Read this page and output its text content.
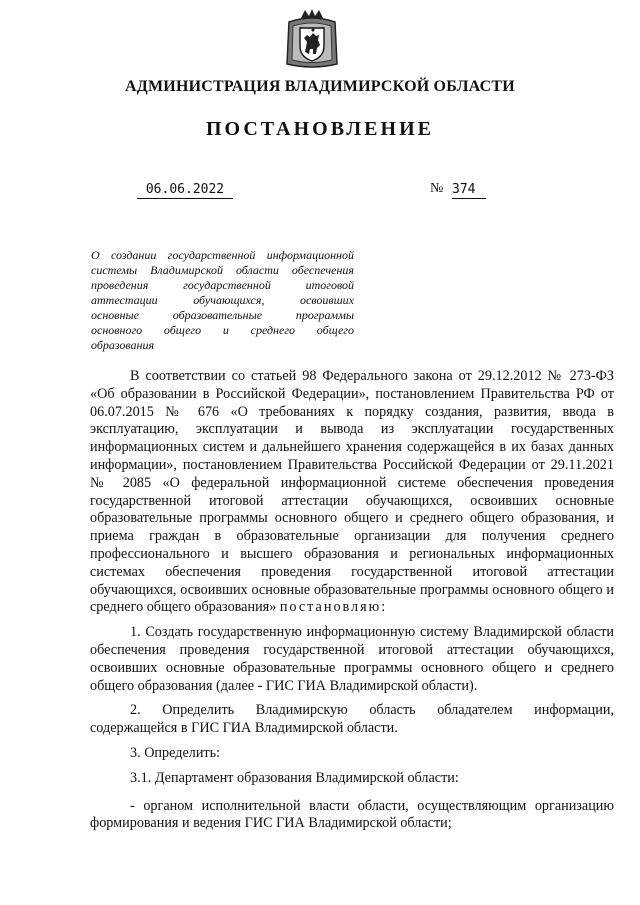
АДМИНИСТРАЦИЯ ВЛАДИМИРСКОЙ ОБЛАСТИ
ПОСТАНОВЛЕНИЕ
06.06.2022	№ 374
О создании государственной информационной
системы Владимирской области обеспечения
проведения государственной итоговой
аттестации обучающихся, освоивших
основные образовательные программы
основного общего и среднего общего
образования

В соответствии со статьей 98 Федерального закона от 29.12.2012 № 273-ФЗ «Об образовании в Российской Федерации», постановлением Правительства РФ от 06.07.2015 № 676 «О требованиях к порядку создания, развития, ввода в эксплуатацию, эксплуатации и вывода из эксплуатации государственных информационных систем и дальнейшего хранения содержащейся в их базах данных информации», постановлением Правительства Российской Федерации от 29.11.2021 № 2085 «О федеральной информационной системе обеспечения проведения государственной итоговой аттестации обучающихся, освоивших основные образовательные программы основного общего и среднего общего образования, и приема граждан в образовательные организации для получения среднего профессионального и высшего образования и региональных информационных системах обеспечения проведения государственной итоговой аттестации обучающихся, освоивших основные образовательные программы основного общего и среднего общего образования» постановляю:

1. Создать государственную информационную систему Владимирской области обеспечения проведения государственной итоговой аттестации обучающихся, освоивших основные образовательные программы основного общего и среднего общего образования (далее - ГИС ГИА Владимирской области).

2. Определить Владимирскую область обладателем информации, содержащейся в ГИС ГИА Владимирской области.

3. Определить:

3.1. Департамент образования Владимирской области:

- органом исполнительной власти области, осуществляющим организацию формирования и ведения ГИС ГИА Владимирской области;
